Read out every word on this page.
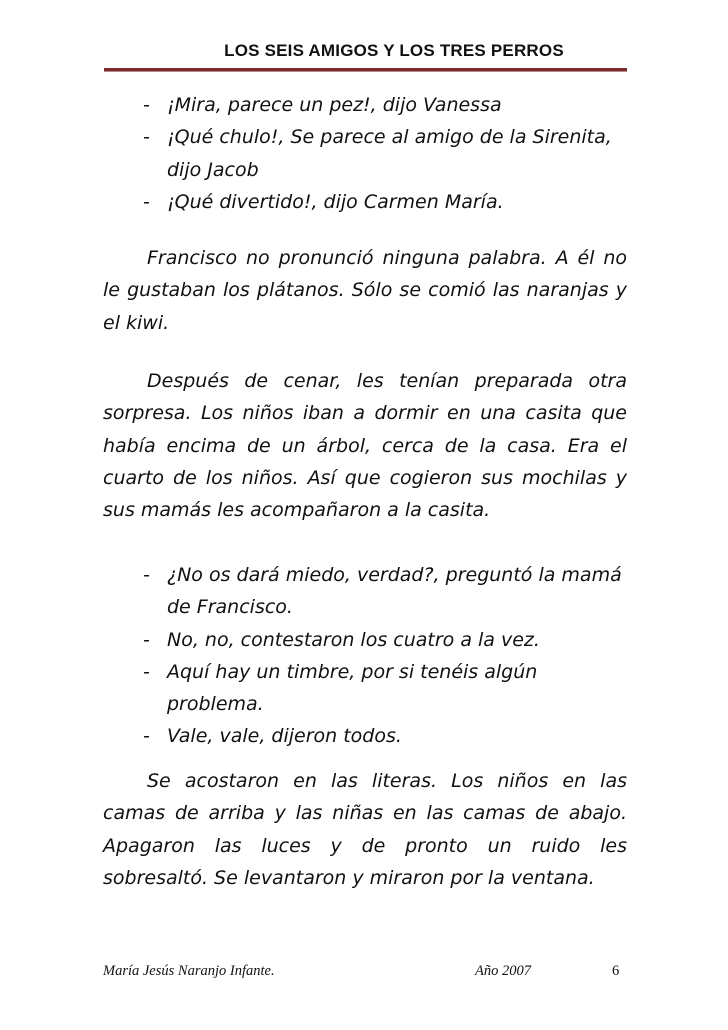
LOS SEIS AMIGOS Y LOS TRES PERROS
- ¡Mira, parece un pez!, dijo Vanessa
- ¡Qué chulo!, Se parece al amigo de la Sirenita, dijo Jacob
- ¡Qué divertido!, dijo Carmen María.

Francisco no pronunció ninguna palabra. A él no le gustaban los plátanos. Sólo se comió las naranjas y el kiwi.

Después de cenar, les tenían preparada otra sorpresa. Los niños iban a dormir en una casita que había encima de un árbol, cerca de la casa. Era el cuarto de los niños. Así que cogieron sus mochilas y sus mamás les acompañaron a la casita.

- ¿No os dará miedo, verdad?, preguntó la mamá de Francisco.
- No, no, contestaron los cuatro a la vez.
- Aquí hay un timbre, por si tenéis algún problema.
- Vale, vale, dijeron todos.

Se acostaron en las literas. Los niños en las camas de arriba y las niñas en las camas de abajo. Apagaron las luces y de pronto un ruido les sobresaltó. Se levantaron y miraron por la ventana.

María Jesús Naranjo Infante.	Año 2007	6
